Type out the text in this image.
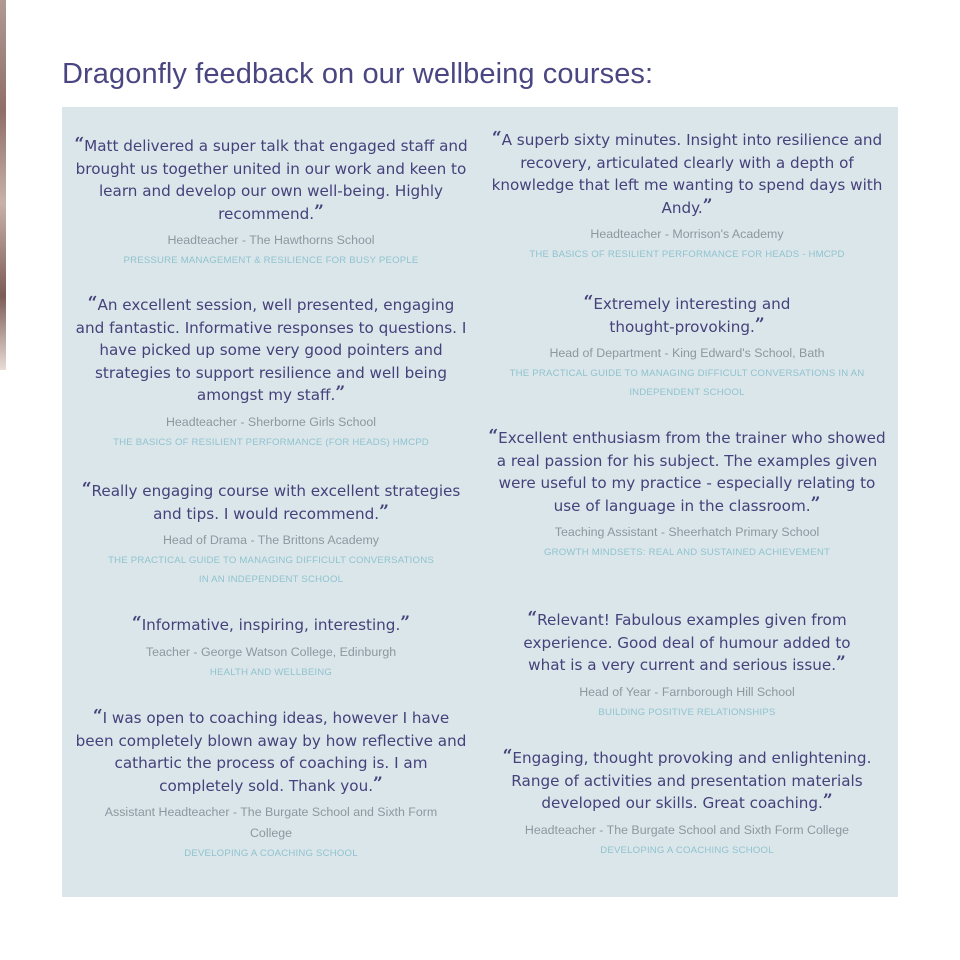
Dragonfly feedback on our wellbeing courses:

“Matt delivered a super talk that engaged staff and brought us together united in our work and keen to learn and develop our own well-being. Highly recommend.”

Headteacher - The Hawthorns School
PRESSURE MANAGEMENT & RESILIENCE FOR BUSY PEOPLE

“An excellent session, well presented, engaging and fantastic. Informative responses to questions. I have picked up some very good pointers and strategies to support resilience and well being amongst my staff.”

Headteacher - Sherborne Girls School
THE BASICS OF RESILIENT PERFORMANCE (FOR HEADS) HMCPD

“Really engaging course with excellent strategies and tips. I would recommend.”

Head of Drama - The Brittons Academy
THE PRACTICAL GUIDE TO MANAGING DIFFICULT CONVERSATIONS IN AN INDEPENDENT SCHOOL

“Informative, inspiring, interesting.”

Teacher - George Watson College, Edinburgh
HEALTH AND WELLBEING

“I was open to coaching ideas, however I have been completely blown away by how reflective and cathartic the process of coaching is. I am completely sold. Thank you.”

Assistant Headteacher - The Burgate School and Sixth Form College
DEVELOPING A COACHING SCHOOL

“A superb sixty minutes. Insight into resilience and recovery, articulated clearly with a depth of knowledge that left me wanting to spend days with Andy.”

Headteacher - Morrison's Academy
THE BASICS OF RESILIENT PERFORMANCE FOR HEADS - HMCPD

“Extremely interesting and thought-provoking.”

Head of Department - King Edward's School, Bath
THE PRACTICAL GUIDE TO MANAGING DIFFICULT CONVERSATIONS IN AN INDEPENDENT SCHOOL

“Excellent enthusiasm from the trainer who showed a real passion for his subject. The examples given were useful to my practice - especially relating to use of language in the classroom.”

Teaching Assistant - Sheerhatch Primary School
GROWTH MINDSETS: REAL AND SUSTAINED ACHIEVEMENT

“Relevant! Fabulous examples given from experience. Good deal of humour added to what is a very current and serious issue.”

Head of Year - Farnborough Hill School
BUILDING POSITIVE RELATIONSHIPS

“Engaging, thought provoking and enlightening. Range of activities and presentation materials developed our skills. Great coaching.”

Headteacher - The Burgate School and Sixth Form College
DEVELOPING A COACHING SCHOOL
